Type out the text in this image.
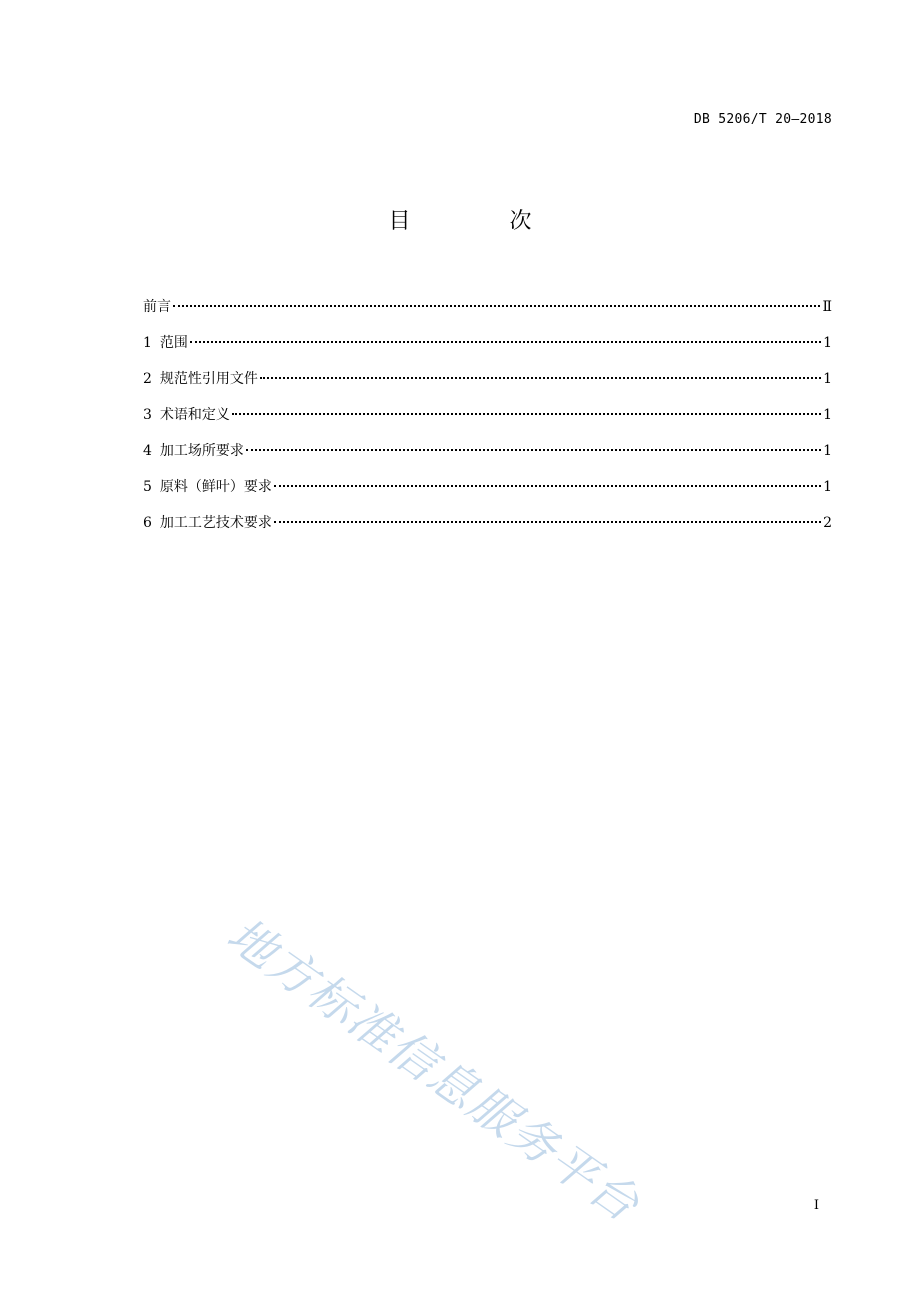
DB 5206/T 20—2018
目 次
前言	Ⅱ
1 范围	1
2 规范性引用文件	1
3 术语和定义	1
4 加工场所要求	1
5 原料（鲜叶）要求	1
6 加工工艺技术要求	2
地方标准信息服务平台	I
